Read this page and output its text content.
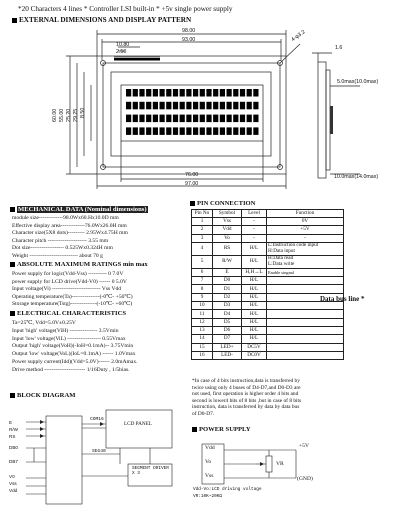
*20 Characters 4 lines * Controller LSI built-in * +5v single power supply
EXTERNAL DIMENSIONS AND DISPLAY PATTERN
98.00
93.00
10.80
2.50
4-φ3.2
1.6
5.0max(10.0max)
10.0max(14.0max)
60.00 55.00 25.20 29.25 8.50
97.00
76.00
MECHANICAL DATA (Nominal dimensions)
module size-------------98.0Wx60.Hx10.0D mm
Effective display area-------------76.0Wx26.0H mm
Character size(5X8 dots)--------- 2.95Wx4.75H mm
Character pitch --------------------- 3.55 mm
Dot size------------------ 0.525Wx0.324H mm
Weight -------------------------- about 70 g
ABSOLUTE MAXIMUM RATINGS min max
Power supply for logic(Vdd-Vss) ---------- 0 7.0V
power supply for LCD drive(Vdd-V0) ------ 0 5.0V
Input voltage(Vi) -------------------------- Vss Vdd
Operating temperature(Ta)---------------(-0℃- +50℃)
Storage temperature(Tstg)--------------(-10℃- +60℃)
ELECTRICAL CHARACTERISTICS
Ta=25℃, Vdd=5.0V±0.25V
Input 'high' voltage(ViH) --------------- 3.5Vmin
Input 'low' voltage(ViL) ------------------ 0.55Vmax
Output 'high' voltage(VoH)(-IoH=0.1mA)-- 3.75Vmin
Output 'low' voltage(VoL)(IoL=0.1mA) ------ 1.0Vmax
Power supply current(Idd)(Vdd=5.0V)------ 2.0mAmax.
Drive method ---------------------- 1/16Duty , 1/5bias.
PIN CONNECTION
Pin No	Symbol	Level	Function
1	Vss	-	0V
2	Vdd	-	+5V
3	Vo	-	-
4	RS	H/L	L:Instruction code input
H:Data input

5	R/W	H/L	H:Data read
L:Data write

6	E	H,H→L	Enable singnal
7	D0	H/L	
8	D1	H/L	
9	D2	H/L	
10	D3	H/L	
11	D4	H/L	
12	D5	H/L	
13	D6	H/L	
14	D7	H/L	
15	LED+	DC5V	
16	LED-	DC0V	
Data bus line *
*In case of 4 bits instruction,data is transferred by
twice using only 4 buses of D4-D7,and D0-D3 are
not used, first operation is higher order 4 bits and
second is lower4 bits of 8 bits ,but in case of 8 bits
instruction, data is transferred by data by data bus
of D0-D7.
BLOCK DIAGRAM
COM16
LCD PANEL
SEG40
SEGMENT DRIVER X 3
E
R/W
RS
DB0
DB7
V0
Vss
Vdd
POWER SUPPLY
Vdd
Vo
Vss
VR
+5V
(GND)
Vdd-Vo:LCD driving voltage
VR:10K~20KΩ
